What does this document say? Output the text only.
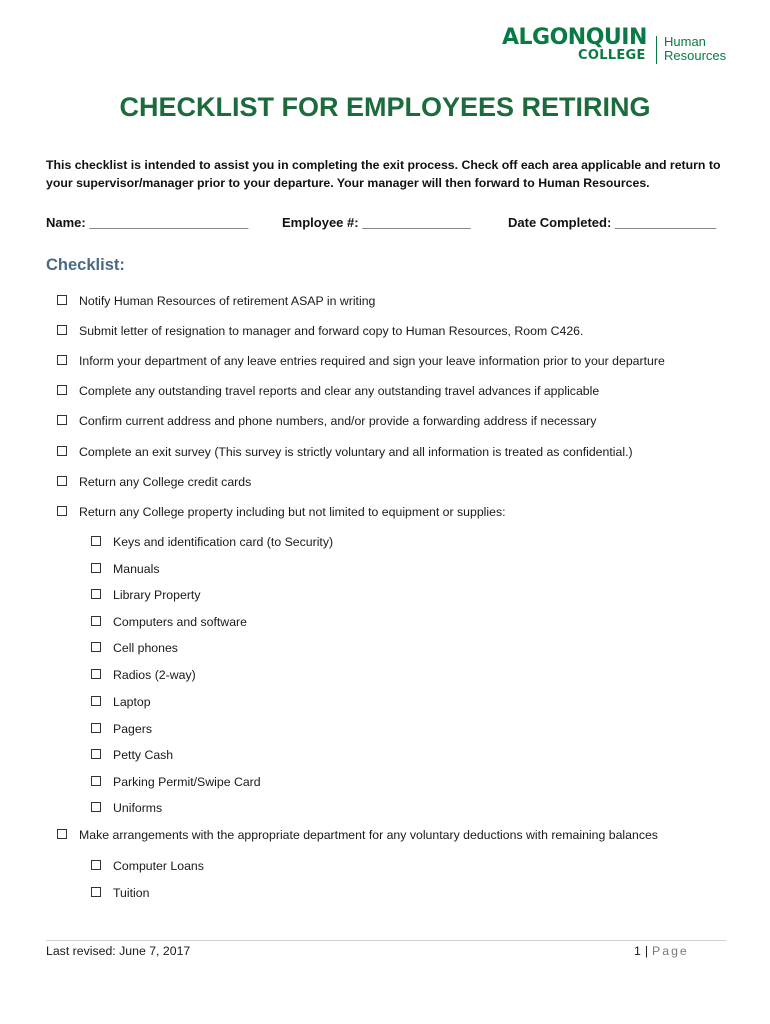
ALGONQUIN
COLLEGE
Human
Resources
CHECKLIST FOR EMPLOYEES RETIRING
This checklist is intended to assist you in completing the exit process. Check off each area applicable and return to
your supervisor/manager prior to your departure. Your manager will then forward to Human Resources.
Name: ______________________	Employee #: _______________	Date Completed: ______________
Checklist:
Notify Human Resources of retirement ASAP in writing
Submit letter of resignation to manager and forward copy to Human Resources, Room C426.
Inform your department of any leave entries required and sign your leave information prior to your departure
Complete any outstanding travel reports and clear any outstanding travel advances if applicable
Confirm current address and phone numbers, and/or provide a forwarding address if necessary
Complete an exit survey (This survey is strictly voluntary and all information is treated as confidential.)
Return any College credit cards
Return any College property including but not limited to equipment or supplies:
Keys and identification card (to Security)
Manuals
Library Property
Computers and software
Cell phones
Radios (2-way)
Laptop
Pagers
Petty Cash
Parking Permit/Swipe Card
Uniforms
Make arrangements with the appropriate department for any voluntary deductions with remaining balances
Computer Loans
Tuition
Last revised: June 7, 2017	1 | Page
